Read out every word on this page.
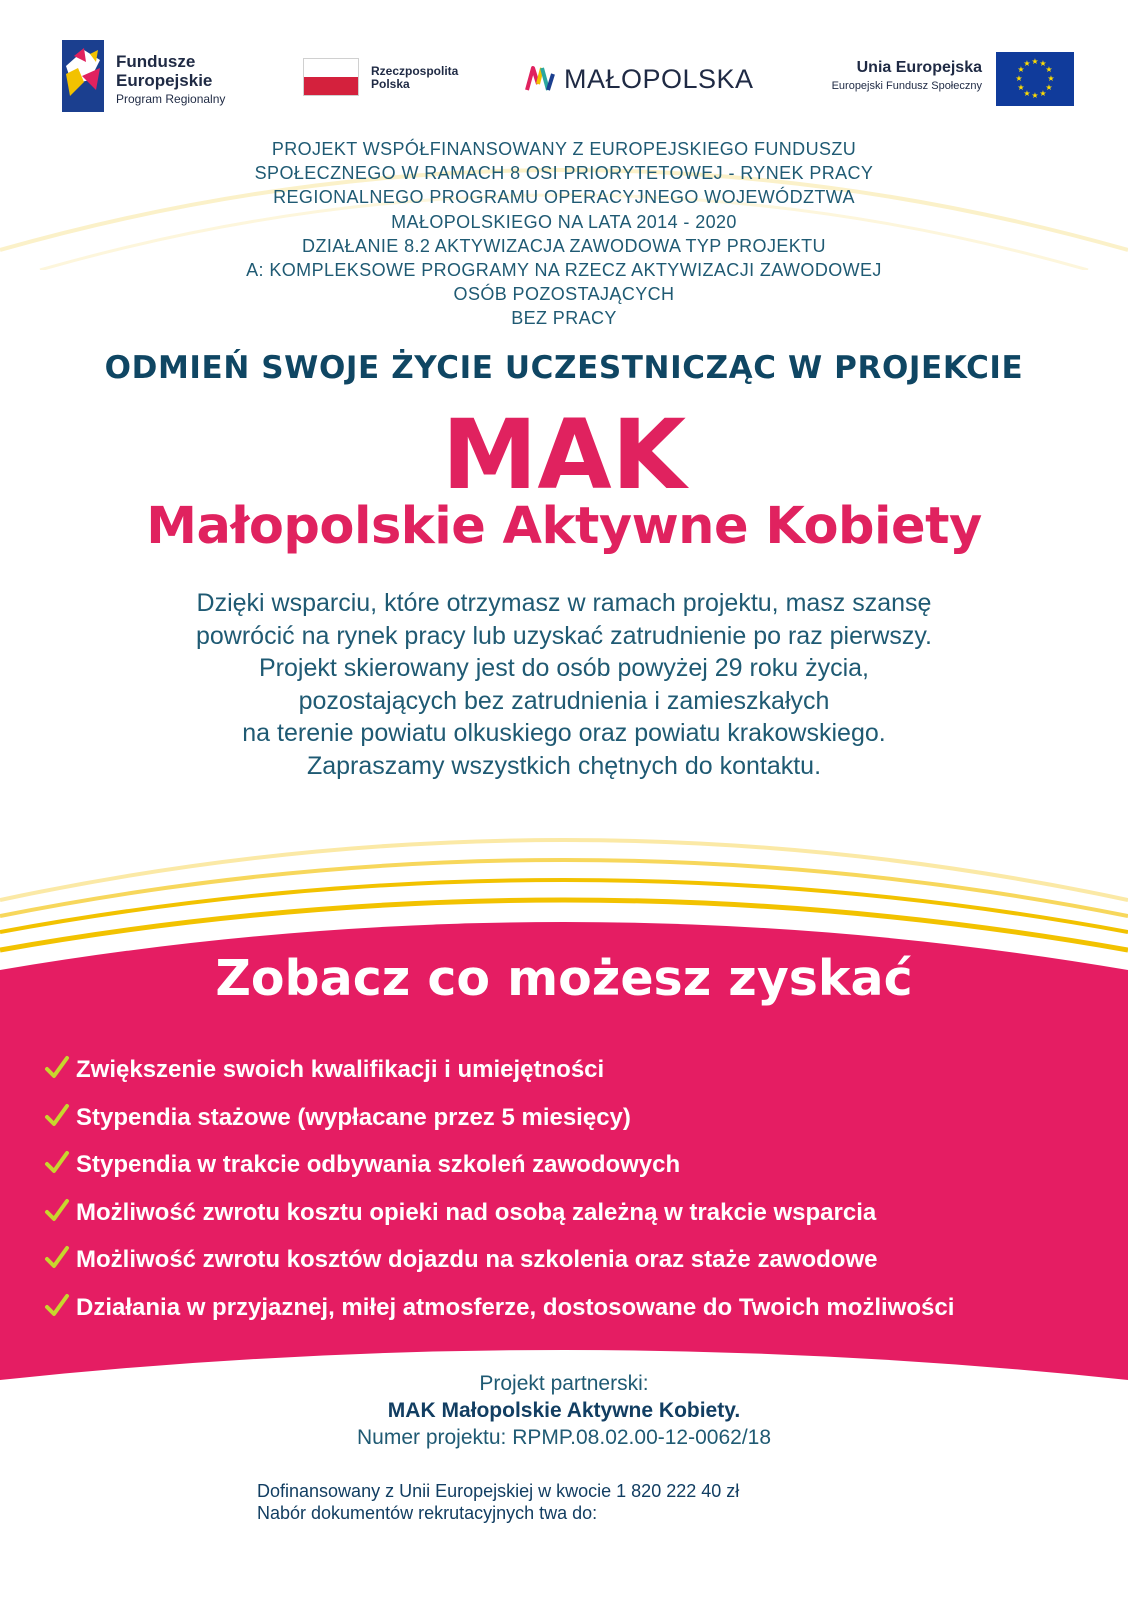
Fundusze
Europejskie
Program Regionalny
Rzeczpospolita
Polska	MAŁOPOLSKA	Unia Europejska
Europejski Fundusz Społeczny
★ ★
★
★
★
★
★
★
★
★
★
★
PROJEKT WSPÓŁFINANSOWANY Z EUROPEJSKIEGO FUNDUSZU
SPOŁECZNEGO W RAMACH 8 OSI PRIORYTETOWEJ - RYNEK PRACY
REGIONALNEGO PROGRAMU OPERACYJNEGO WOJEWÓDZTWA
MAŁOPOLSKIEGO NA LATA 2014 - 2020
DZIAŁANIE 8.2 AKTYWIZACJA ZAWODOWA TYP PROJEKTU
A: KOMPLEKSOWE PROGRAMY NA RZECZ AKTYWIZACJI ZAWODOWEJ
OSÓB POZOSTAJĄCYCH
BEZ PRACY
ODMIEŃ SWOJE ŻYCIE UCZESTNICZĄC W PROJEKCIE
MAK
Małopolskie Aktywne Kobiety
Dzięki wsparciu, które otrzymasz w ramach projektu, masz szansę
powrócić na rynek pracy lub uzyskać zatrudnienie po raz pierwszy.
Projekt skierowany jest do osób powyżej 29 roku życia,
pozostających bez zatrudnienia i zamieszkałych
na terenie powiatu olkuskiego oraz powiatu krakowskiego.
Zapraszamy wszystkich chętnych do kontaktu.
Zobacz co możesz zyskać
Zwiększenie swoich kwalifikacji i umiejętności
Stypendia stażowe (wypłacane przez 5 miesięcy)
Stypendia w trakcie odbywania szkoleń zawodowych
Możliwość zwrotu kosztu opieki nad osobą zależną w trakcie wsparcia
Możliwość zwrotu kosztów dojazdu na szkolenia oraz staże zawodowe
Działania w przyjaznej, miłej atmosferze, dostosowane do Twoich możliwości
Projekt partnerski:
MAK Małopolskie Aktywne Kobiety.
Numer projektu: RPMP.08.02.00-12-0062/18
Dofinansowany z Unii Europejskiej w kwocie 1 820 222 40 zł
Nabór dokumentów rekrutacyjnych twa do:
